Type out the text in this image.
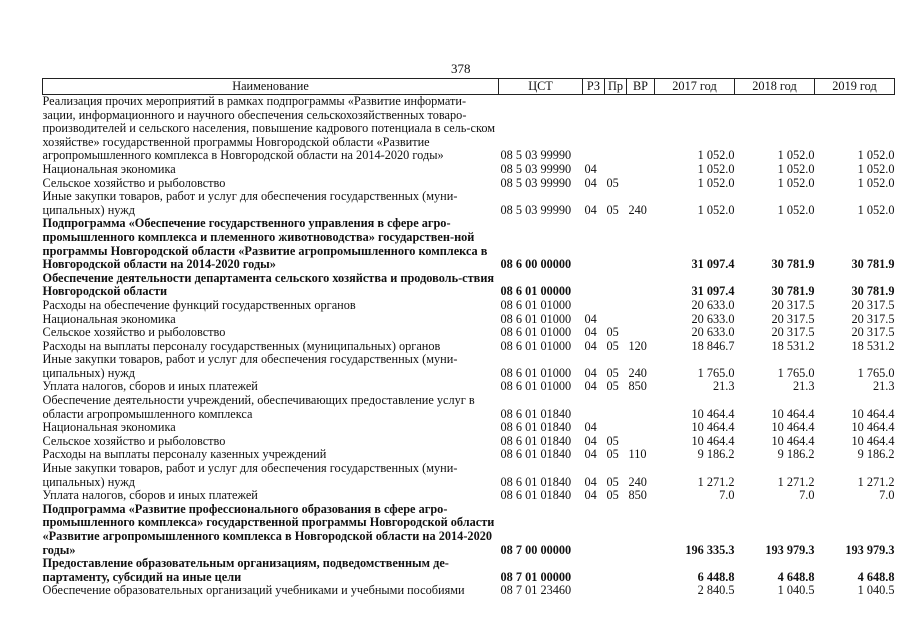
378
Наименование	ЦСТ	РЗ	Пр	ВР	2017 год	2018 год	2019 год
Реализация прочих мероприятий в рамках подпрограммы «Развитие информати-зации, информационного и научного обеспечения сельскохозяйственных товаро-производителей и сельского населения, повышение кадрового потенциала в сель-ском хозяйстве» государственной программы Новгородской области «Развитие агропромышленного комплекса в Новгородской области на 2014-2020 годы»	08 5 03 99990				1 052.0	1 052.0	1 052.0
Национальная экономика	08 5 03 99990	04			1 052.0	1 052.0	1 052.0
Сельское хозяйство и рыболовство	08 5 03 99990	04	05		1 052.0	1 052.0	1 052.0
Иные закупки товаров, работ и услуг для обеспечения государственных (муни-ципальных) нужд	08 5 03 99990	04	05	240	1 052.0	1 052.0	1 052.0
Подпрограмма «Обеспечение государственного управления в сфере агро-промышленного комплекса и племенного животноводства» государствен-ной программы Новгородской области «Развитие агропромышленного комплекса в Новгородской области на 2014-2020 годы»	08 6 00 00000				31 097.4	30 781.9	30 781.9
Обеспечение деятельности департамента сельского хозяйства и продоволь-ствия Новгородской области	08 6 01 00000				31 097.4	30 781.9	30 781.9
Расходы на обеспечение функций государственных органов	08 6 01 01000				20 633.0	20 317.5	20 317.5
Национальная экономика	08 6 01 01000	04			20 633.0	20 317.5	20 317.5
Сельское хозяйство и рыболовство	08 6 01 01000	04	05		20 633.0	20 317.5	20 317.5
Расходы на выплаты персоналу государственных (муниципальных) органов	08 6 01 01000	04	05	120	18 846.7	18 531.2	18 531.2
Иные закупки товаров, работ и услуг для обеспечения государственных (муни-ципальных) нужд	08 6 01 01000	04	05	240	1 765.0	1 765.0	1 765.0
Уплата налогов, сборов и иных платежей	08 6 01 01000	04	05	850	21.3	21.3	21.3
Обеспечение деятельности учреждений, обеспечивающих предоставление услуг в области агропромышленного комплекса	08 6 01 01840				10 464.4	10 464.4	10 464.4
Национальная экономика	08 6 01 01840	04			10 464.4	10 464.4	10 464.4
Сельское хозяйство и рыболовство	08 6 01 01840	04	05		10 464.4	10 464.4	10 464.4
Расходы на выплаты персоналу казенных учреждений	08 6 01 01840	04	05	110	9 186.2	9 186.2	9 186.2
Иные закупки товаров, работ и услуг для обеспечения государственных (муни-ципальных) нужд	08 6 01 01840	04	05	240	1 271.2	1 271.2	1 271.2
Уплата налогов, сборов и иных платежей	08 6 01 01840	04	05	850	7.0	7.0	7.0
Подпрограмма «Развитие профессионального образования в сфере агро-промышленного комплекса» государственной программы Новгородской области «Развитие агропромышленного комплекса в Новгородской области на 2014-2020 годы»	08 7 00 00000				196 335.3	193 979.3	193 979.3
Предоставление образовательным организациям, подведомственным де-партаменту, субсидий на иные цели	08 7 01 00000				6 448.8	4 648.8	4 648.8
Обеспечение образовательных организаций учебниками и учебными пособиями	08 7 01 23460				2 840.5	1 040.5	1 040.5
